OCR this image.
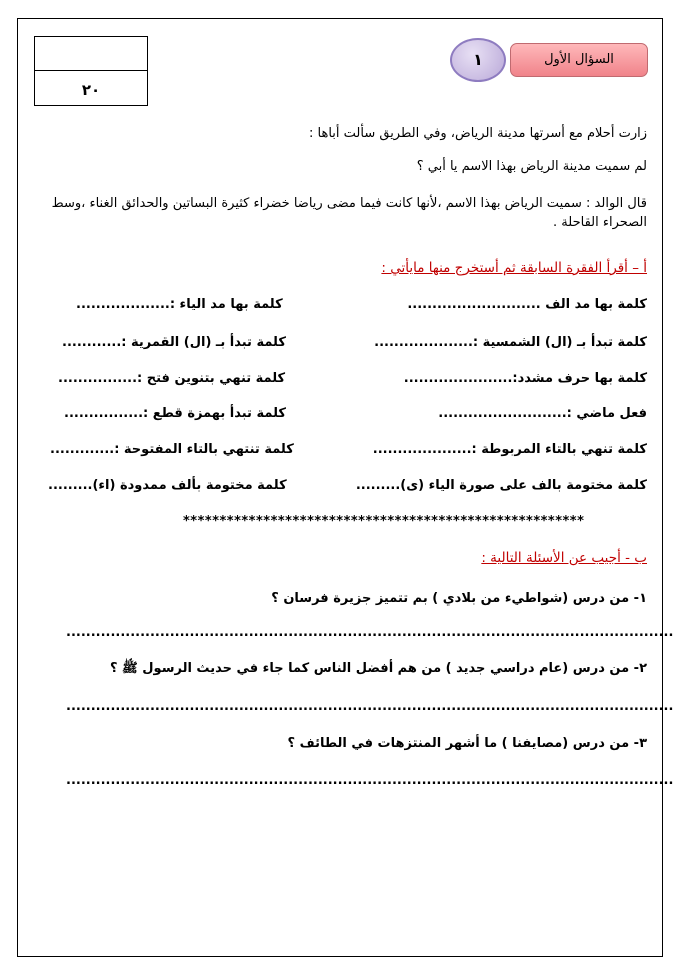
٢٠
السؤال الأول
١
زارت أحلام مع أسرتها مدينة الرياض، وفي الطريق سألت أباها :
لم سميت مدينة الرياض بهذا الاسم يا أبي ؟
قال الوالد : سميت الرياض بهذا الاسم ،لأنها كانت فيما مضى رياضا خضراء كثيرة البساتين والحدائق الغناء ،وسط الصحراء القاحلة .
أ – أقرأ الفقرة السابقة ثم أستخرج منها مايأتي :
كلمة بها مد الف ...........................
كلمة بها مد الياء :...................
كلمة تبدأ بـ (ال) الشمسية :....................
كلمة تبدأ بـ (ال) القمرية :............
كلمة بها حرف مشدد:......................
كلمة تنهي بتنوين فتح :................
فعل ماضي :..........................
كلمة تبدأ بهمزة قطع :................
كلمة تنهي بالتاء المربوطة :....................
كلمة تنتهي بالتاء المفتوحة :.............
كلمة مختومة بالف على صورة الياء (ى).........
كلمة مختومة بألف ممدودة (اء).........
*******************************************************
ب - أجيب عن الأسئلة التالية :
١- من درس (شواطيء من بلادي ) بم تتميز جزيرة فرسان ؟
...........................................................................................................................
٢- من درس (عام دراسي جديد ) من هم أفضل الناس كما جاء في حديث الرسول ﷺ ؟
...........................................................................................................................
٣- من درس (مصايفنا ) ما أشهر المنتزهات في الطائف ؟
...........................................................................................................................
